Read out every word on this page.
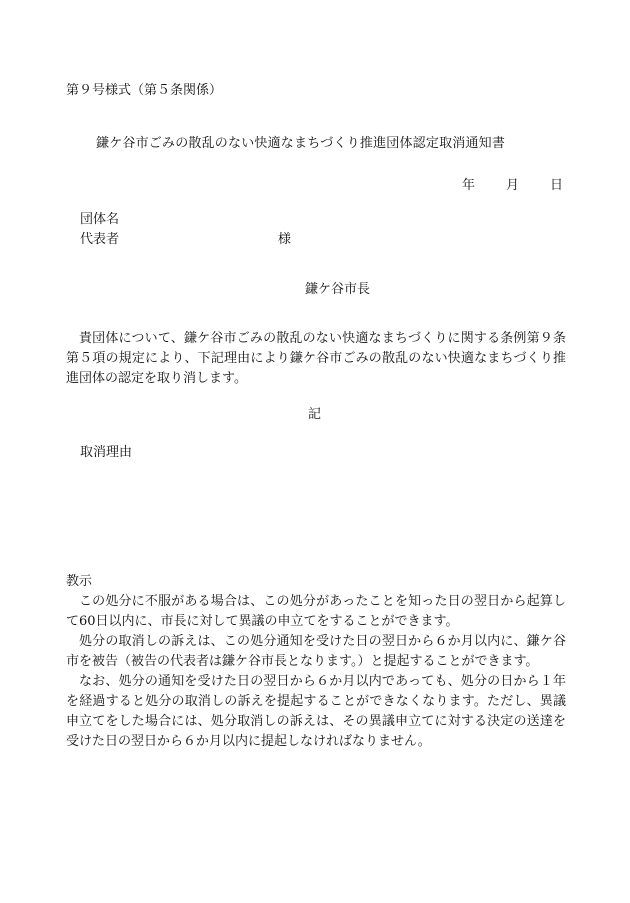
第９号様式（第５条関係）
鎌ケ谷市ごみの散乱のない快適なまちづくり推進団体認定取消通知書
年 月 日
団体名
代表者	様
鎌ケ谷市長

貴団体について、鎌ケ谷市ごみの散乱のない快適なまちづくりに関する条例第９条第５項の規定により、下記理由により鎌ケ谷市ごみの散乱のない快適なまちづくり推進団体の認定を取り消します。

記
取消理由

教示

この処分に不服がある場合は、この処分があったことを知った日の翌日から起算して60日以内に、市長に対して異議の申立てをすることができます。

処分の取消しの訴えは、この処分通知を受けた日の翌日から６か月以内に、鎌ケ谷市を被告（被告の代表者は鎌ケ谷市長となります。）と提起することができます。

なお、処分の通知を受けた日の翌日から６か月以内であっても、処分の日から１年を経過すると処分の取消しの訴えを提起することができなくなります。ただし、異議申立てをした場合には、処分取消しの訴えは、その異議申立てに対する決定の送達を受けた日の翌日から６か月以内に提起しなければなりません。
